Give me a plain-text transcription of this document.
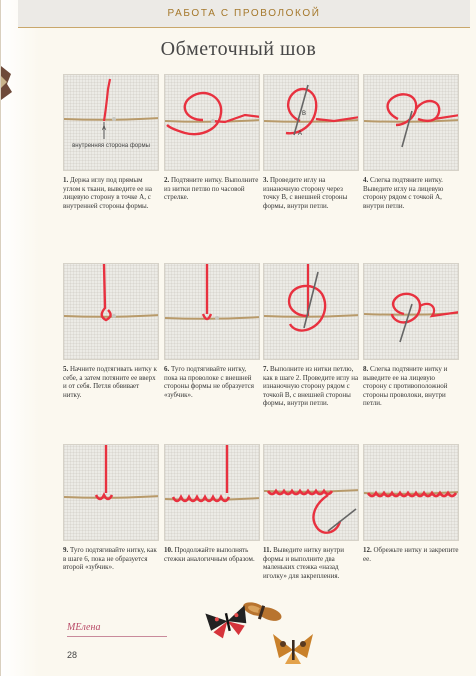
РАБОТА С ПРОВОЛОКОЙ
Обметочный шов
A
внутренняя сторона формы
1. Держа иглу под прямым углом к ткани, выведите ее на лицевую сторону в точке А, с внутренней стороны формы.
2. Подтяните нитку. Выполните из нитки петлю по часовой стрелке.
B
A
3. Проведите иглу на изнаночную сторону через точку В, с внешней стороны формы, внутри петли.
4. Слегка подтяните нитку. Выведите иглу на лицевую сторону рядом с точкой А, внутри петли.
5. Начните подтягивать нитку к себе, а затем потяните ее вверх и от себя. Петля обвивает нитку.
6. Туго подтягивайте нитку, пока на проволоке с внешней стороны формы не образуется «зубчик».
7. Выполните из нитки петлю, как в шаге 2. Проведите иглу на изнаночную сторону рядом с точкой В, с внешней стороны формы, внутри петли.
8. Слегка подтяните нитку и выведите ее на лицевую сторону с противоположной стороны проволоки, внутри петли.
9. Туго подтягивайте нитку, как в шаге 6, пока не образуется второй «зубчик».
10. Продолжайте выполнять стежки аналогичным образом.
11. Выведите нитку внутри формы и выполните два маленьких стежка «назад иголку» для закрепления.
12. Обрежьте нитку и закрепите ее.
МЕлена
28
